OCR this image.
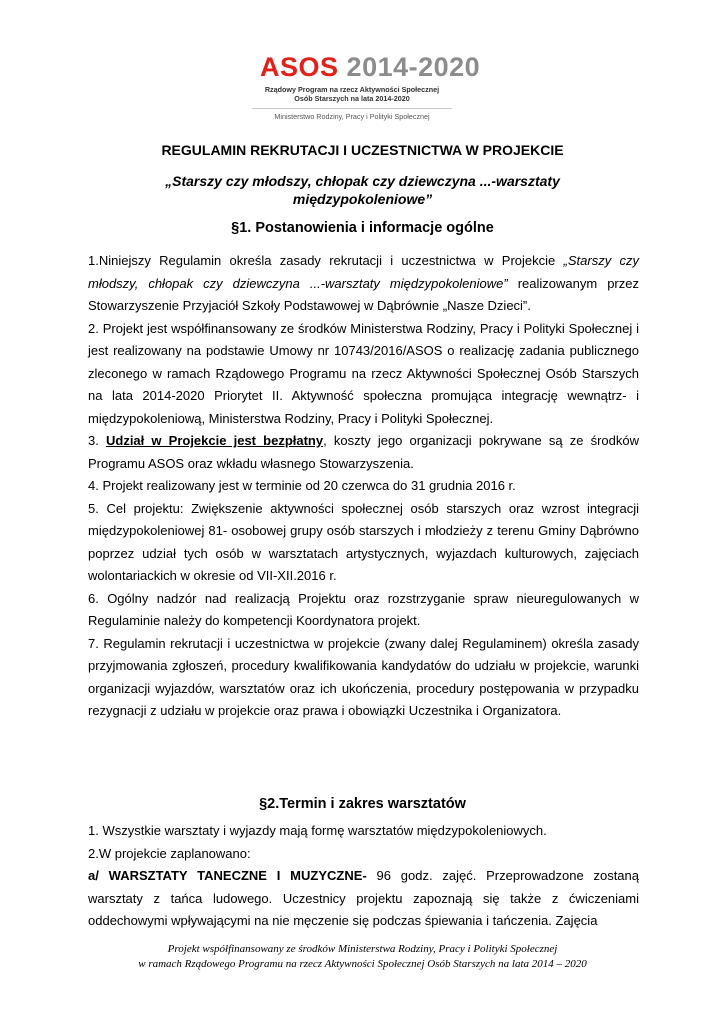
ASOS 2014-2020
Rządowy Program na rzecz Aktywności Społecznej
Osób Starszych na lata 2014-2020
Ministerstwo Rodziny, Pracy i Polityki Społecznej
REGULAMIN REKRUTACJI I UCZESTNICTWA W PROJEKCIE
„Starszy czy młodszy, chłopak czy dziewczyna ...-warsztaty
międzypokoleniowe”
§1. Postanowienia i informacje ogólne

1.Niniejszy Regulamin określa zasady rekrutacji i uczestnictwa w Projekcie „Starszy czy młodszy, chłopak czy dziewczyna ...-warsztaty międzypokoleniowe” realizowanym przez Stowarzyszenie Przyjaciół Szkoły Podstawowej w Dąbrównie „Nasze Dzieci”.

2. Projekt jest współfinansowany ze środków Ministerstwa Rodziny, Pracy i Polityki Społecznej i jest realizowany na podstawie Umowy nr 10743/2016/ASOS o realizację zadania publicznego zleconego w ramach Rządowego Programu na rzecz Aktywności Społecznej Osób Starszych na lata 2014-2020 Priorytet II. Aktywność społeczna promująca integrację wewnątrz- i międzypokoleniową, Ministerstwa Rodziny, Pracy i Polityki Społecznej.

3. Udział w Projekcie jest bezpłatny, koszty jego organizacji pokrywane są ze środków Programu ASOS oraz wkładu własnego Stowarzyszenia.

4. Projekt realizowany jest w terminie od 20 czerwca do 31 grudnia 2016 r.

5. Cel projektu: Zwiększenie aktywności społecznej osób starszych oraz wzrost integracji międzypokoleniowej 81- osobowej grupy osób starszych i młodzieży z terenu Gminy Dąbrówno poprzez udział tych osób w warsztatach artystycznych, wyjazdach kulturowych, zajęciach wolontariackich w okresie od VII-XII.2016 r.

6. Ogólny nadzór nad realizacją Projektu oraz rozstrzyganie spraw nieuregulowanych w Regulaminie należy do kompetencji Koordynatora projekt.

7. Regulamin rekrutacji i uczestnictwa w projekcie (zwany dalej Regulaminem) określa zasady przyjmowania zgłoszeń, procedury kwalifikowania kandydatów do udziału w projekcie, warunki organizacji wyjazdów, warsztatów oraz ich ukończenia, procedury postępowania w przypadku rezygnacji z udziału w projekcie oraz prawa i obowiązki Uczestnika i Organizatora.

§2.Termin i zakres warsztatów

1. Wszystkie warsztaty i wyjazdy mają formę warsztatów międzypokoleniowych.

2.W projekcie zaplanowano:

a/ WARSZTATY TANECZNE I MUZYCZNE- 96 godz. zajęć. Przeprowadzone zostaną warsztaty z tańca ludowego. Uczestnicy projektu zapoznają się także z ćwiczeniami oddechowymi wpływającymi na nie męczenie się podczas śpiewania i tańczenia. Zajęcia

Projekt współfinansowany ze środków Ministerstwa Rodziny, Pracy i Polityki Społecznej
w ramach Rządowego Programu na rzecz Aktywności Społecznej Osób Starszych na lata 2014 – 2020
